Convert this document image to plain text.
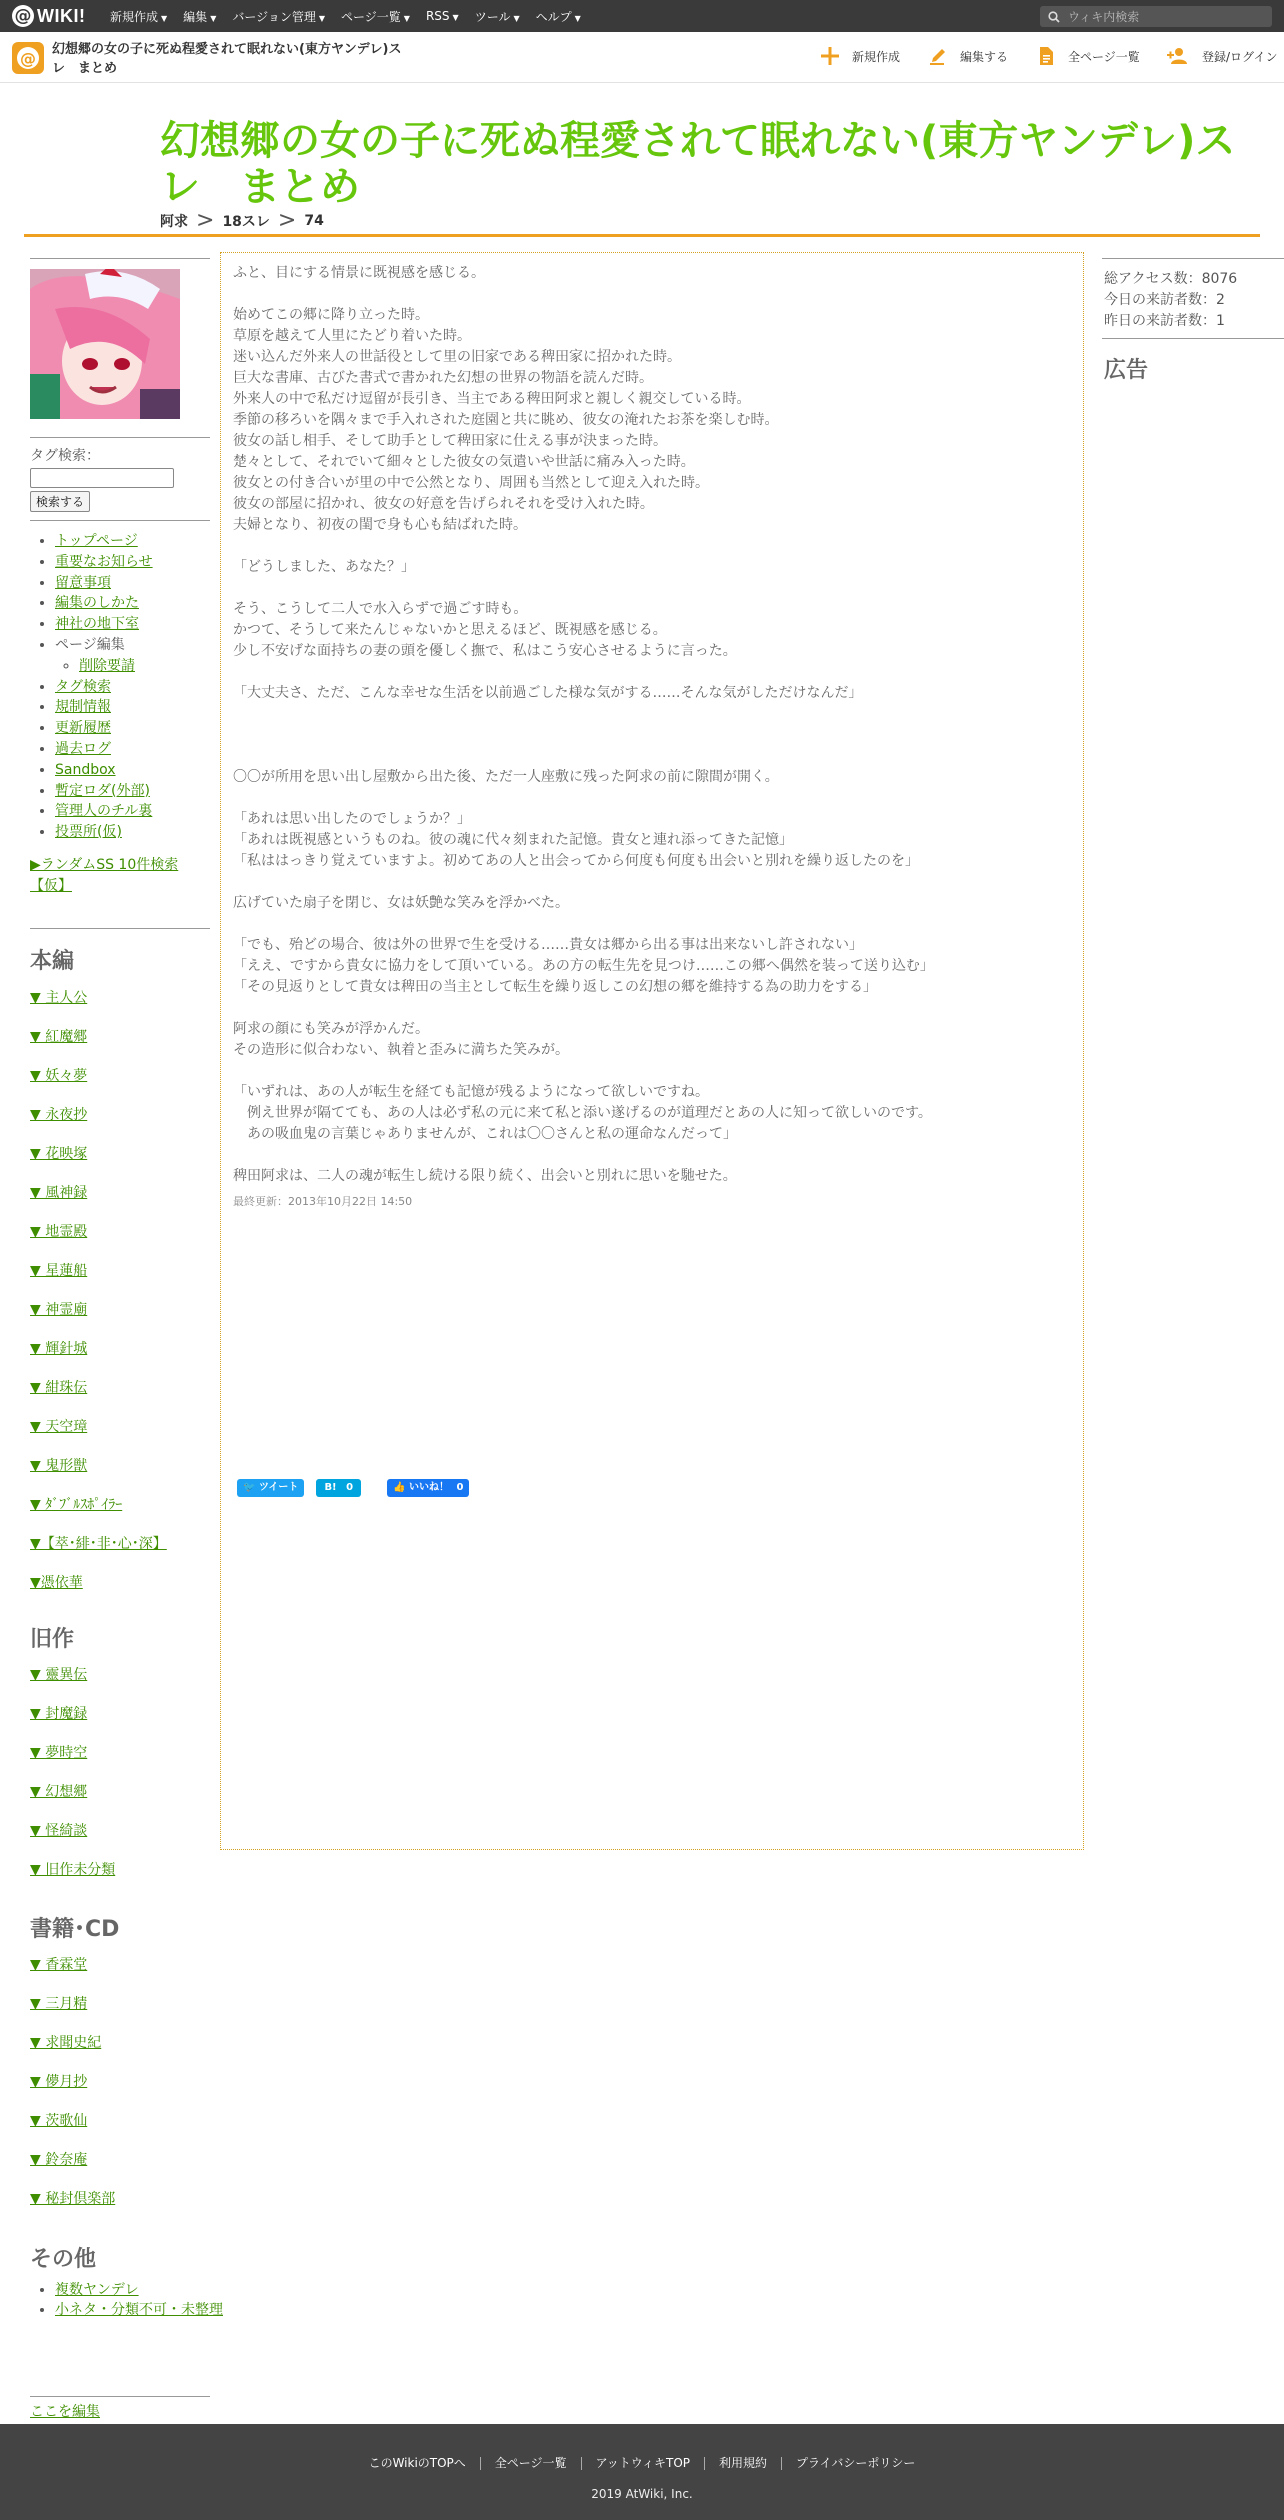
@ WIKI! 新規作成 ▼ 編集 ▼ バージョン管理 ▼ ページ一覧 ▼ RSS ▼ ツール ▼ ヘルプ ▼
ウィキ内検索
@ 幻想郷の女の子に死ぬ程愛されて眠れない(東方ヤンデレ)スレ　まとめ
新規作成	編集する	全ページ一覧	登録/ログイン
幻想郷の女の子に死ぬ程愛されて眠れない(東方ヤンデレ)スレ　まとめ
阿求 > 18スレ > 74
タグ検索：
検索する
• トップページ
• 重要なお知らせ
• 留意事項
• 編集のしかた
• 神社の地下室
• ページ編集
◦ 削除要請
• タグ検索
• 規制情報
• 更新履歴
• 過去ログ
• Sandbox
• 暫定ロダ(外部)
• 管理人のチル裏
• 投票所(仮)
▶ランダムSS 10件検索【仮】
本編
▼ 主人公
▼ 紅魔郷
▼ 妖々夢
▼ 永夜抄
▼ 花映塚
▼ 風神録
▼ 地霊殿
▼ 星蓮船
▼ 神霊廟
▼ 輝針城
▼ 紺珠伝
▼ 天空璋
▼ 鬼形獣
▼ ﾀﾞﾌﾞﾙｽﾎﾟｲﾗｰ
▼【萃･緋･非･心･深】
▼憑依華
旧作
▼ 靈異伝
▼ 封魔録
▼ 夢時空
▼ 幻想郷
▼ 怪綺談
▼ 旧作未分類
書籍･CD
▼ 香霖堂
▼ 三月精
▼ 求聞史紀
▼ 儚月抄
▼ 茨歌仙
▼ 鈴奈庵
▼ 秘封倶楽部
その他
• 複数ヤンデレ
• 小ネタ・分類不可・未整理
ここを編集
ふと、目にする情景に既視感を感じる。
始めてこの郷に降り立った時。
草原を越えて人里にたどり着いた時。
迷い込んだ外来人の世話役として里の旧家である稗田家に招かれた時。
巨大な書庫、古びた書式で書かれた幻想の世界の物語を読んだ時。
外来人の中で私だけ逗留が長引き、当主である稗田阿求と親しく親交している時。
季節の移ろいを隅々まで手入れされた庭園と共に眺め、彼女の淹れたお茶を楽しむ時。
彼女の話し相手、そして助手として稗田家に仕える事が決まった時。
楚々として、それでいて細々とした彼女の気遣いや世話に痛み入った時。
彼女との付き合いが里の中で公然となり、周囲も当然として迎え入れた時。
彼女の部屋に招かれ、彼女の好意を告げられそれを受け入れた時。
夫婦となり、初夜の閨で身も心も結ばれた時。
「どうしました、あなた？」
そう、こうして二人で水入らずで過ごす時も。
かつて、そうして来たんじゃないかと思えるほど、既視感を感じる。
少し不安げな面持ちの妻の頭を優しく撫で、私はこう安心させるように言った。
「大丈夫さ、ただ、こんな幸せな生活を以前過ごした様な気がする……そんな気がしただけなんだ」
〇〇が所用を思い出し屋敷から出た後、ただ一人座敷に残った阿求の前に隙間が開く。
「あれは思い出したのでしょうか？」
「あれは既視感というものね。彼の魂に代々刻まれた記憶。貴女と連れ添ってきた記憶」
「私ははっきり覚えていますよ。初めてあの人と出会ってから何度も何度も出会いと別れを繰り返したのを」
広げていた扇子を閉じ、女は妖艶な笑みを浮かべた。
「でも、殆どの場合、彼は外の世界で生を受ける……貴女は郷から出る事は出来ないし許されない」
「ええ、ですから貴女に協力をして頂いている。あの方の転生先を見つけ……この郷へ偶然を装って送り込む」
「その見返りとして貴女は稗田の当主として転生を繰り返しこの幻想の郷を維持する為の助力をする」
阿求の顔にも笑みが浮かんだ。
その造形に似合わない、執着と歪みに満ちた笑みが。
「いずれは、あの人が転生を経ても記憶が残るようになって欲しいですね。
　例え世界が隔てても、あの人は必ず私の元に来て私と添い遂げるのが道理だとあの人に知って欲しいのです。
　あの吸血鬼の言葉じゃありませんが、これは〇〇さんと私の運命なんだって」
稗田阿求は、二人の魂が転生し続ける限り続く、出会いと別れに思いを馳せた。
最終更新：2013年10月22日 14:50
🐦 ツイート	B! 0	👍 いいね！ 0
総アクセス数：8076
今日の来訪者数：2
昨日の来訪者数：1
広告
このWikiのTOPへ	全ページ一覧	アットウィキTOP	利用規約	プライバシーポリシー
2019 AtWiki, Inc.
